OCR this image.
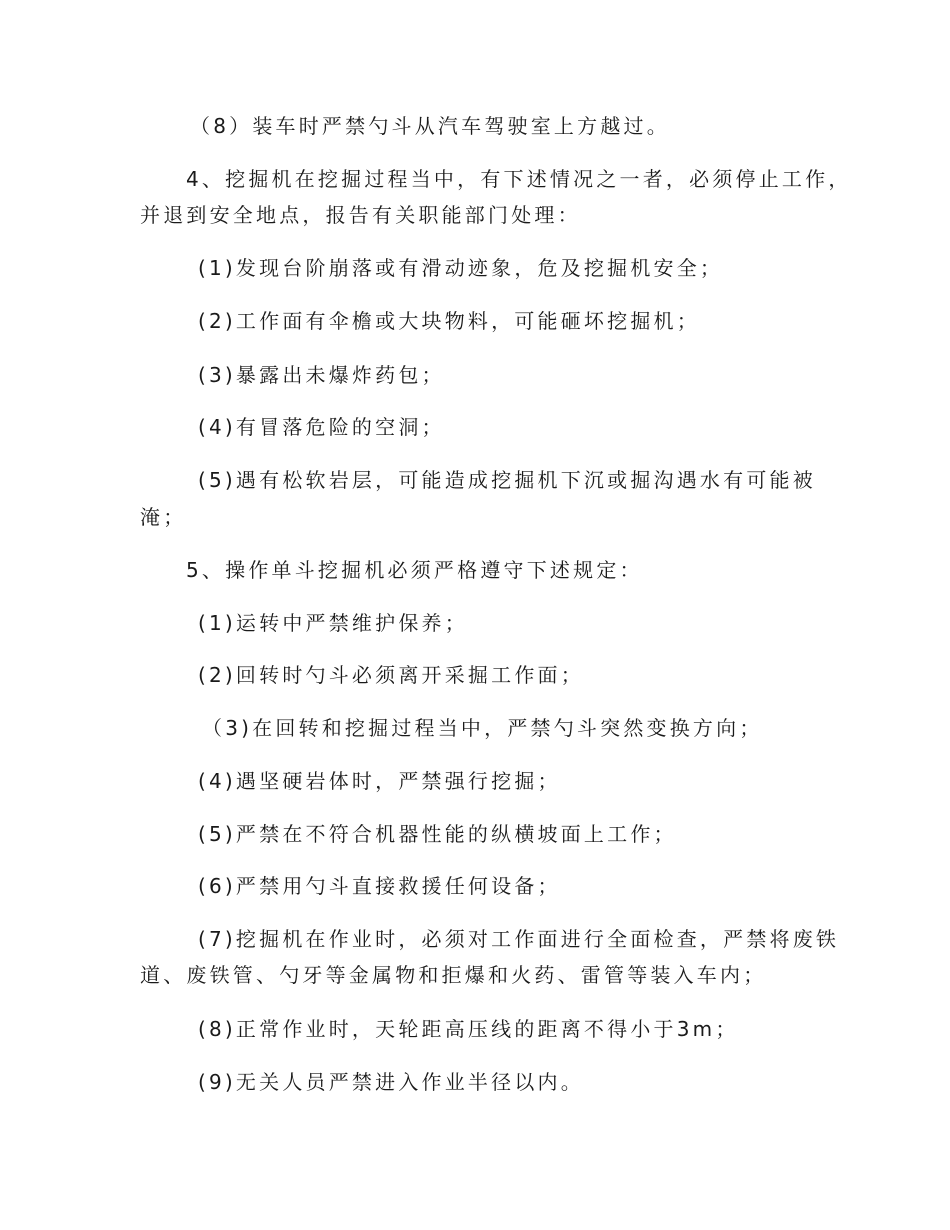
（8）装车时严禁勺斗从汽车驾驶室上方越过。
4、挖掘机在挖掘过程当中，有下述情况之一者，必须停止工作，
并退到安全地点，报告有关职能部门处理：
(1)发现台阶崩落或有滑动迹象，危及挖掘机安全；
(2)工作面有伞檐或大块物料，可能砸坏挖掘机；
(3)暴露出未爆炸药包；
(4)有冒落危险的空洞；
(5)遇有松软岩层，可能造成挖掘机下沉或掘沟遇水有可能被
淹；
5、操作单斗挖掘机必须严格遵守下述规定：
(1)运转中严禁维护保养；
(2)回转时勺斗必须离开采掘工作面；
（3)在回转和挖掘过程当中，严禁勺斗突然变换方向；
(4)遇坚硬岩体时，严禁强行挖掘；
(5)严禁在不符合机器性能的纵横坡面上工作；
(6)严禁用勺斗直接救援任何设备；
(7)挖掘机在作业时，必须对工作面进行全面检查，严禁将废铁
道、废铁管、勺牙等金属物和拒爆和火药、雷管等装入车内；
(8)正常作业时，天轮距高压线的距离不得小于3m；
(9)无关人员严禁进入作业半径以内。
